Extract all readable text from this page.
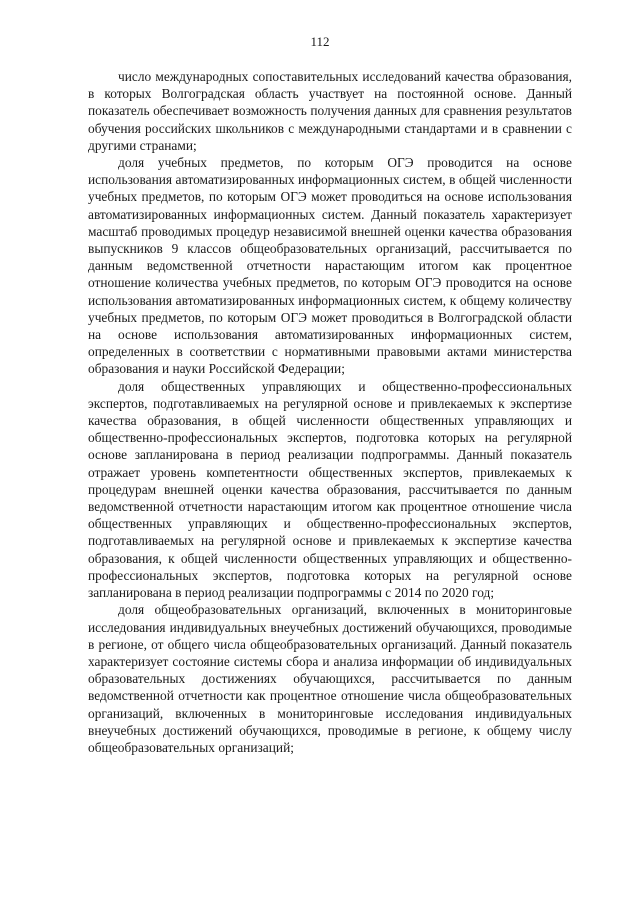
112

число международных сопоставительных исследований качества образования, в которых Волгоградская область участвует на постоянной основе. Данный показатель обеспечивает возможность получения данных для сравнения результатов обучения российских школьников с международными стандартами и в сравнении с другими странами;

доля учебных предметов, по которым ОГЭ проводится на основе использования автоматизированных информационных систем, в общей численности учебных предметов, по которым ОГЭ может проводиться на основе использования автоматизированных информационных систем. Данный показатель характеризует масштаб проводимых процедур независимой внешней оценки качества образования выпускников 9 классов общеобразовательных организаций, рассчитывается по данным ведомственной отчетности нарастающим итогом как процентное отношение количества учебных предметов, по которым ОГЭ проводится на основе использования автоматизированных информационных систем, к общему количеству учебных предметов, по которым ОГЭ может проводиться в Волгоградской области на основе использования автоматизированных информационных систем, определенных в соответствии с нормативными правовыми актами министерства образования и науки Российской Федерации;

доля общественных управляющих и общественно-профессиональных экспертов, подготавливаемых на регулярной основе и привлекаемых к экспертизе качества образования, в общей численности общественных управляющих и общественно-профессиональных экспертов, подготовка которых на регулярной основе запланирована в период реализации подпрограммы. Данный показатель отражает уровень компетентности общественных экспертов, привлекаемых к процедурам внешней оценки качества образования, рассчитывается по данным ведомственной отчетности нарастающим итогом как процентное отношение числа общественных управляющих и общественно-профессиональных экспертов, подготавливаемых на регулярной основе и привлекаемых к экспертизе качества образования, к общей численности общественных управляющих и общественно-профессиональных экспертов, подготовка которых на регулярной основе запланирована в период реализации подпрограммы с 2014 по 2020 год;

доля общеобразовательных организаций, включенных в мониторинговые исследования индивидуальных внеучебных достижений обучающихся, проводимые в регионе, от общего числа общеобразовательных организаций. Данный показатель характеризует состояние системы сбора и анализа информации об индивидуальных образовательных достижениях обучающихся, рассчитывается по данным ведомственной отчетности как процентное отношение числа общеобразовательных организаций, включенных в мониторинговые исследования индивидуальных внеучебных достижений обучающихся, проводимые в регионе, к общему числу общеобразовательных организаций;
